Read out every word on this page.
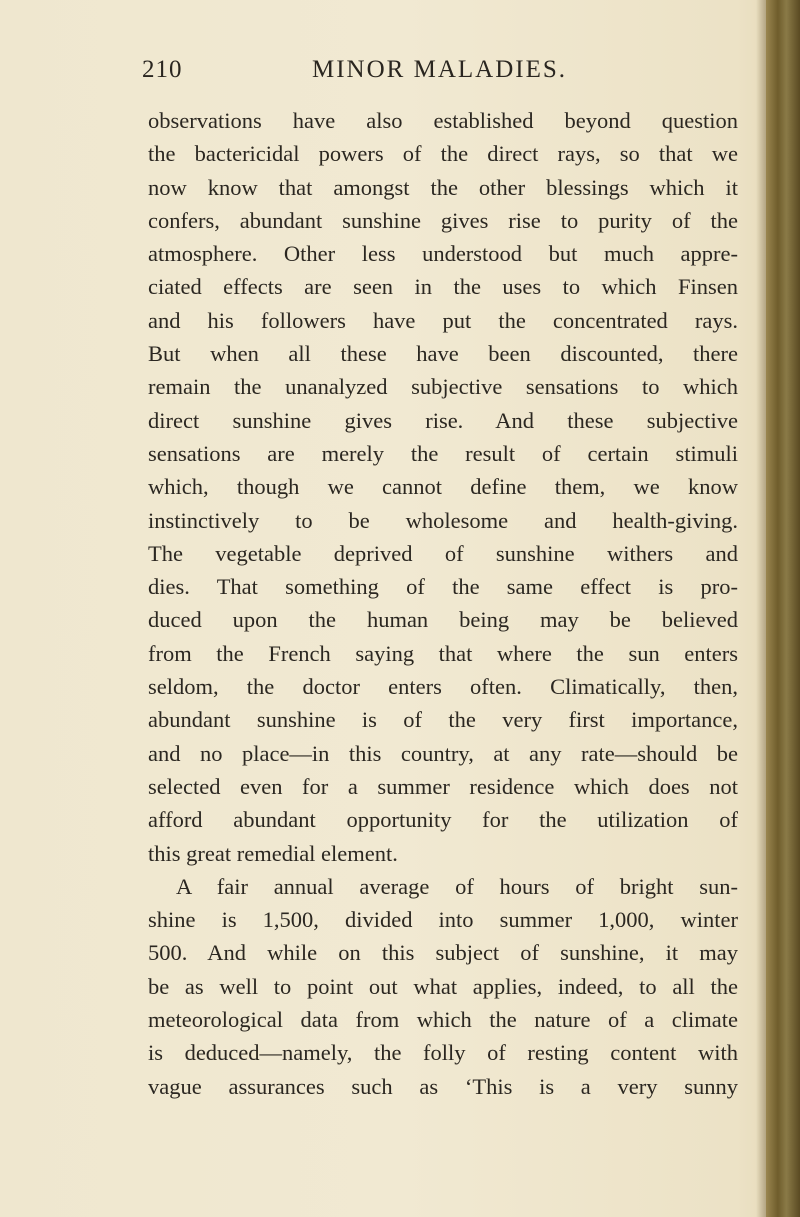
210	MINOR MALADIES.
observations have also established beyond question
the bactericidal powers of the direct rays, so that we
now know that amongst the other blessings which it
confers, abundant sunshine gives rise to purity of the
atmosphere. Other less understood but much appre-
ciated effects are seen in the uses to which Finsen
and his followers have put the concentrated rays.
But when all these have been discounted, there
remain the unanalyzed subjective sensations to which
direct sunshine gives rise. And these subjective
sensations are merely the result of certain stimuli
which, though we cannot define them, we know
instinctively to be wholesome and health-giving.
The vegetable deprived of sunshine withers and
dies. That something of the same effect is pro-
duced upon the human being may be believed
from the French saying that where the sun enters
seldom, the doctor enters often. Climatically, then,
abundant sunshine is of the very first importance,
and no place—in this country, at any rate—should be
selected even for a summer residence which does not
afford abundant opportunity for the utilization of
this great remedial element.
A fair annual average of hours of bright sun-
shine is 1,500, divided into summer 1,000, winter
500. And while on this subject of sunshine, it may
be as well to point out what applies, indeed, to all the
meteorological data from which the nature of a climate
is deduced—namely, the folly of resting content with
vague assurances such as ‘This is a very sunny
